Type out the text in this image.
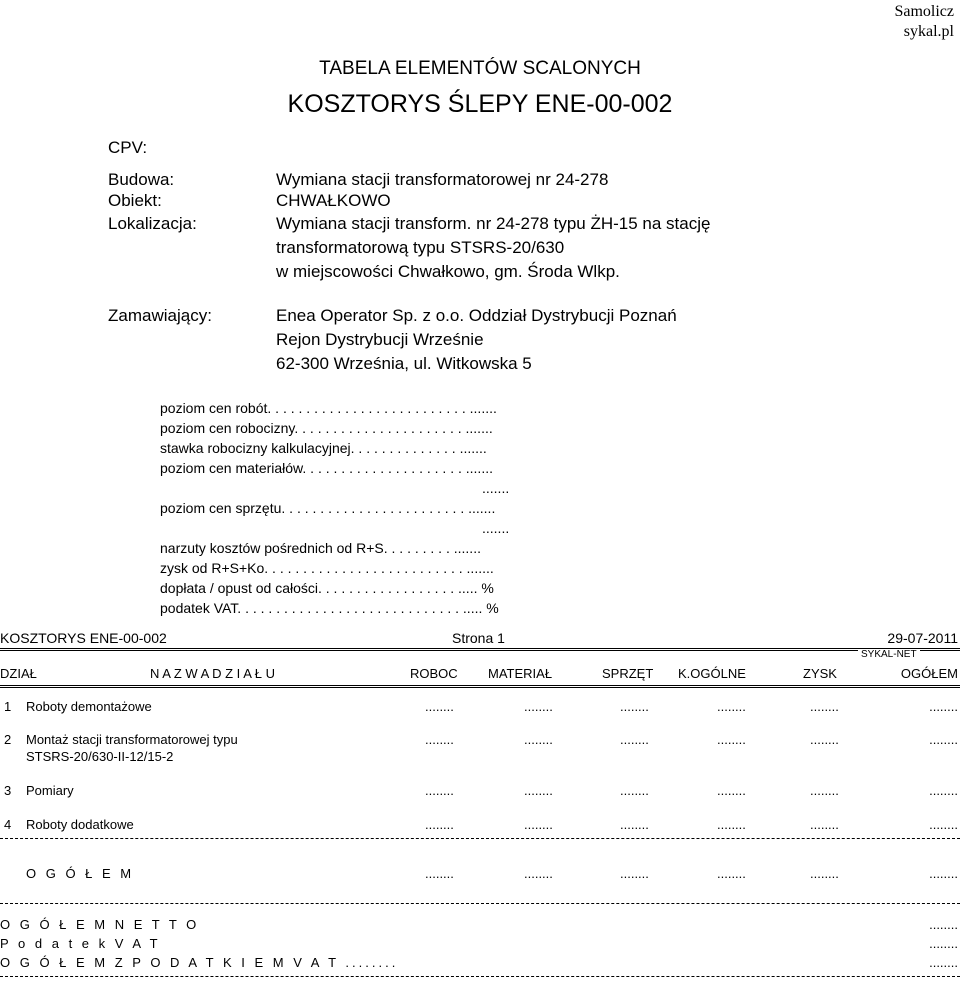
Samolicz
sykal.pl
TABELA ELEMENTÓW SCALONYCH
KOSZTORYS ŚLEPY ENE-00-002
CPV:
Budowa:	Wymiana stacji transformatorowej nr 24-278
Obiekt:	CHWAŁKOWO
Lokalizacja:	Wymiana stacji transform. nr 24-278 typu ŻH-15 na stację
transformatorową typu STSRS-20/630
w miejscowości Chwałkowo, gm. Środa Wlkp.
Zamawiający:	Enea Operator Sp. z o.o. Oddział Dystrybucji Poznań
Rejon Dystrybucji Wrześnie
62-300 Września, ul. Witkowska 5
poziom cen robót. . . . . . . . . . . . . . . . . . . . . . . . . . .......
poziom cen robocizny. . . . . . . . . . . . . . . . . . . . . . .......
stawka robocizny kalkulacyjnej. . . . . . . . . . . . . . .......
poziom cen materiałów. . . . . . . . . . . . . . . . . . . . . .......
.......
poziom cen sprzętu. . . . . . . . . . . . . . . . . . . . . . . . .......
.......
narzuty kosztów pośrednich od R+S. . . . . . . . . .......
zysk od R+S+Ko. . . . . . . . . . . . . . . . . . . . . . . . . . .......
dopłata / opust od całości. . . . . . . . . . . . . . . . . . ..... %
podatek VAT. . . . . . . . . . . . . . . . . . . . . . . . . . . . . ..... %
KOSZTORYS ENE-00-002	Strona 1	29-07-2011
SYKAL-NET
DZIAŁ	N A Z W A D Z I A Ł U	ROBOC MATERIAŁ	SPRZĘT K.OGÓLNE	ZYSK	OGÓŁEM
1 Roboty demontażowe	........	........	........	........	........	........
2 Montaż stacji transformatorowej typu
STSRS-20/630-II-12/15-2
........	........	........	........	........	........
3 Pomiary	........	........	........	........	........	........
4 Roboty dodatkowe	........	........	........	........	........	........
O G Ó Ł E M	........	........	........	........	........	........
O G Ó Ł E M N E T T O	........
P o d a t e k V A T	........
O G Ó Ł E M Z P O D A T K I E M V A T ........	........
